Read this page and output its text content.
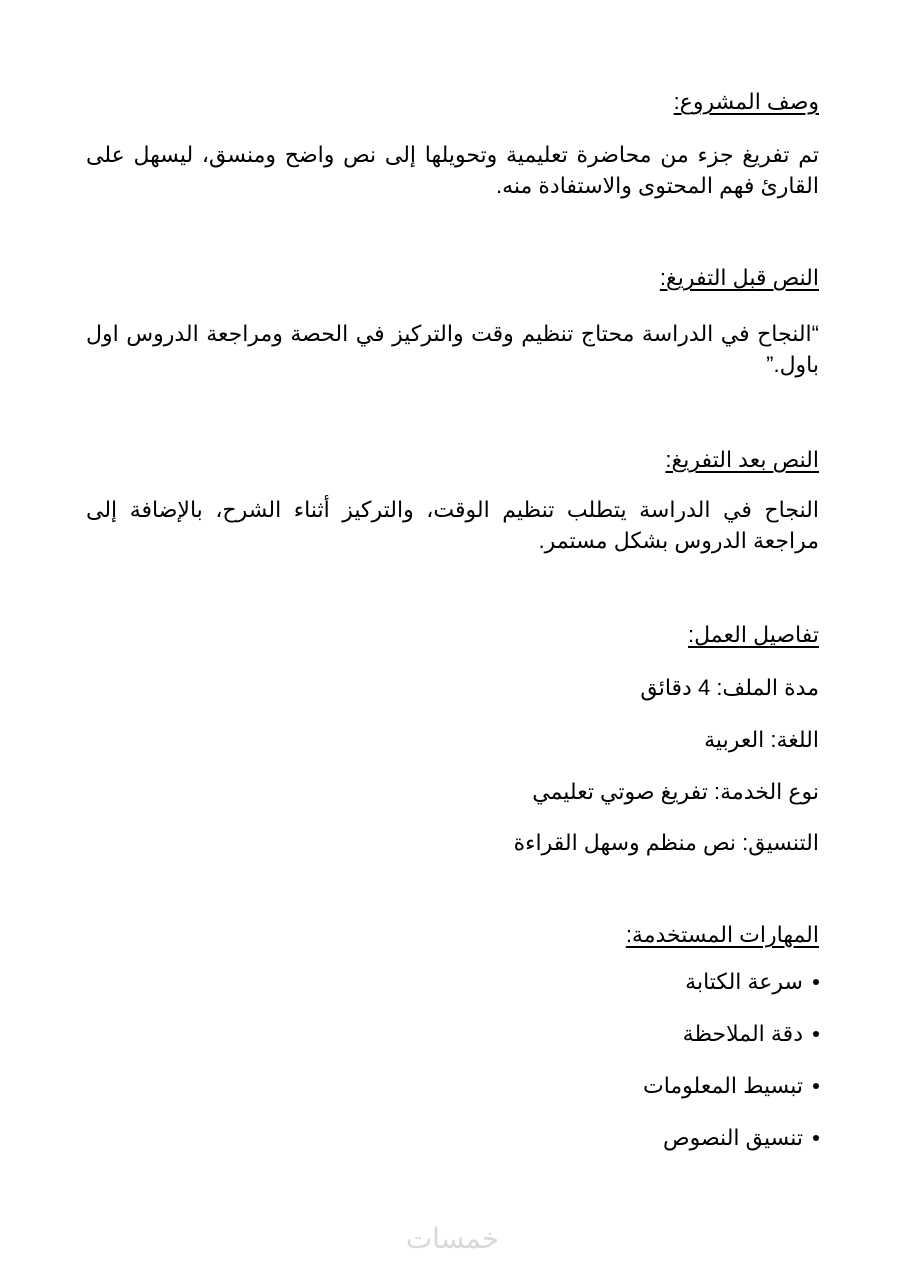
وصف المشروع:
تم تفريغ جزء من محاضرة تعليمية وتحويلها إلى نص واضح ومنسق، ليسهل على القارئ فهم المحتوى والاستفادة منه.
النص قبل التفريغ:
“النجاح في الدراسة محتاج تنظيم وقت والتركيز في الحصة ومراجعة الدروس اول باول.”
النص بعد التفريغ:
النجاح في الدراسة يتطلب تنظيم الوقت، والتركيز أثناء الشرح، بالإضافة إلى مراجعة الدروس بشكل مستمر.
تفاصيل العمل:
مدة الملف: 4 دقائق
اللغة: العربية
نوع الخدمة: تفريغ صوتي تعليمي
التنسيق: نص منظم وسهل القراءة
المهارات المستخدمة:
سرعة الكتابة
دقة الملاحظة
تبسيط المعلومات
تنسيق النصوص
خمسات
